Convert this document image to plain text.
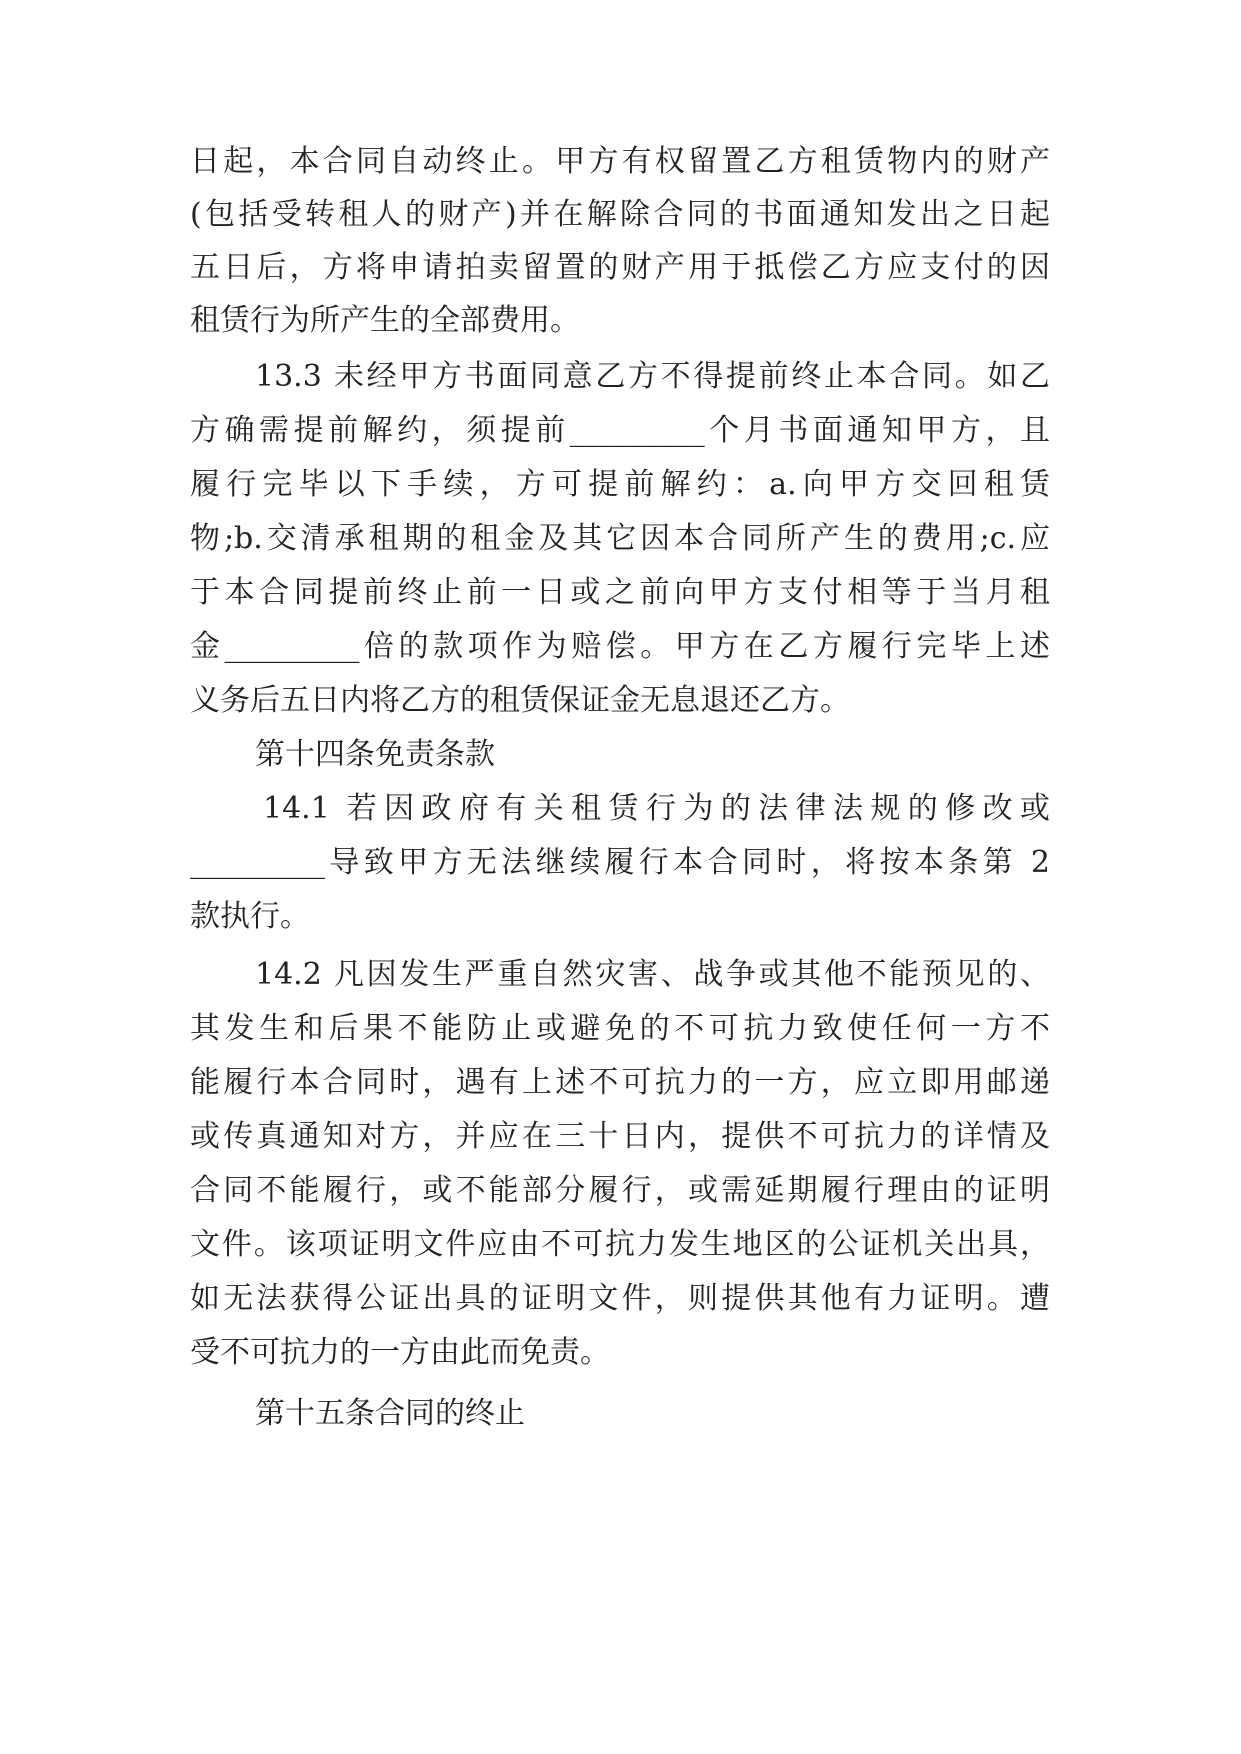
日起，本合同自动终止。甲方有权留置乙方租赁物内的财产
(包括受转租人的财产)并在解除合同的书面通知发出之日起
五日后，方将申请拍卖留置的财产用于抵偿乙方应支付的因
租赁行为所产生的全部费用。
13.3 未经甲方书面同意乙方不得提前终止本合同。如乙
方确需提前解约，须提前_________个月书面通知甲方，且
履行完毕以下手续，方可提前解约：a.向甲方交回租赁
物;b.交清承租期的租金及其它因本合同所产生的费用;c.应
于本合同提前终止前一日或之前向甲方支付相等于当月租
金_________倍的款项作为赔偿。甲方在乙方履行完毕上述
义务后五日内将乙方的租赁保证金无息退还乙方。
第十四条免责条款
14.1 若因政府有关租赁行为的法律法规的修改或
_________导致甲方无法继续履行本合同时，将按本条第 2
款执行。
14.2 凡因发生严重自然灾害、战争或其他不能预见的、
其发生和后果不能防止或避免的不可抗力致使任何一方不
能履行本合同时，遇有上述不可抗力的一方，应立即用邮递
或传真通知对方，并应在三十日内，提供不可抗力的详情及
合同不能履行，或不能部分履行，或需延期履行理由的证明
文件。该项证明文件应由不可抗力发生地区的公证机关出具，
如无法获得公证出具的证明文件，则提供其他有力证明。遭
受不可抗力的一方由此而免责。
第十五条合同的终止
